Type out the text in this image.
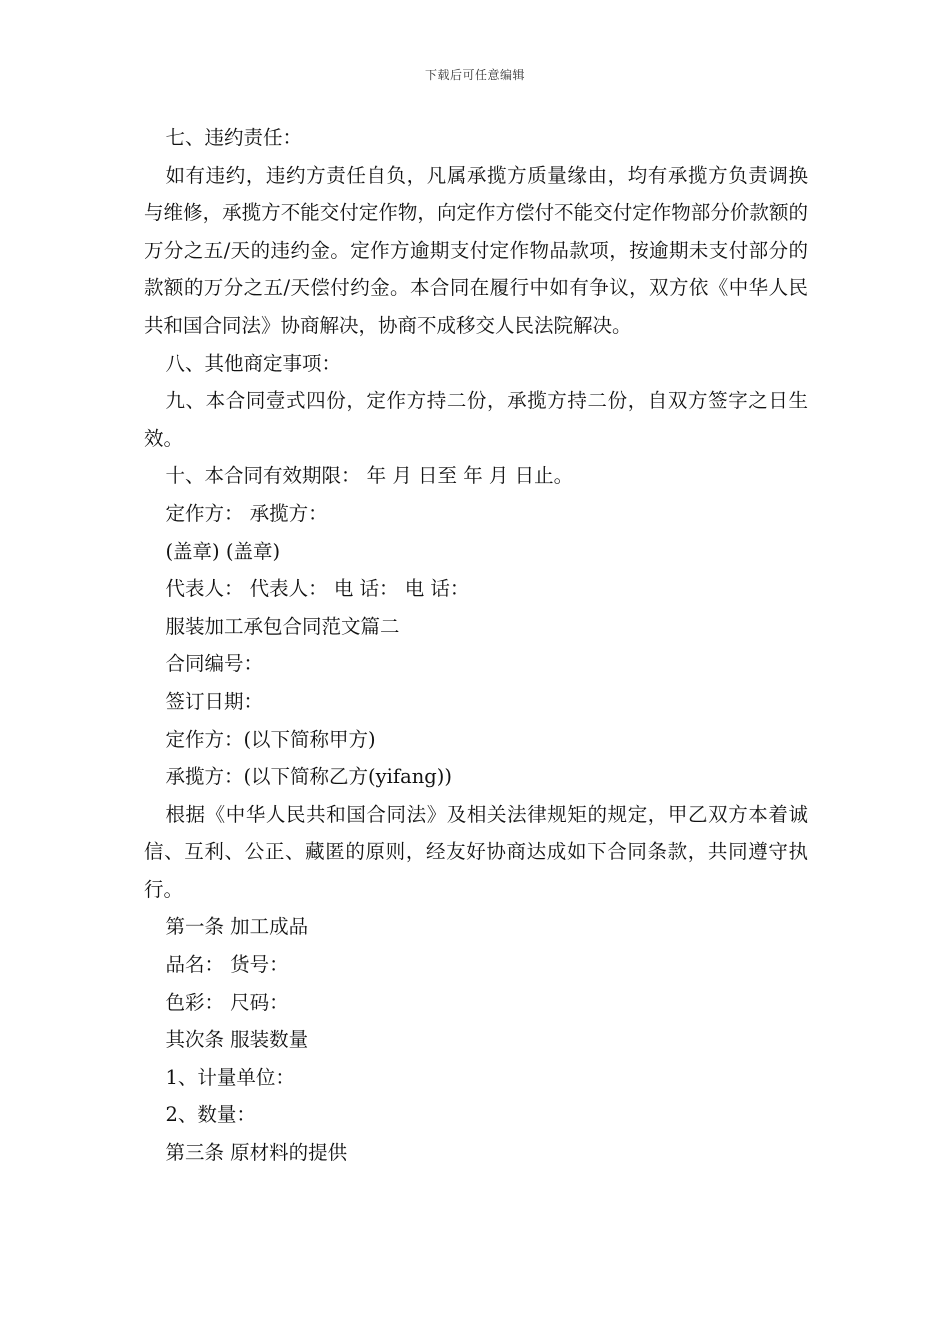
下载后可任意编辑

七、违约责任：

如有违约，违约方责任自负，凡属承揽方质量缘由，均有承揽方负责调换与维修，承揽方不能交付定作物，向定作方偿付不能交付定作物部分价款额的万分之五/天的违约金。定作方逾期支付定作物品款项，按逾期未支付部分的款额的万分之五/天偿付约金。本合同在履行中如有争议，双方依《中华人民共和国合同法》协商解决，协商不成移交人民法院解决。

八、其他商定事项：

九、本合同壹式四份，定作方持二份，承揽方持二份，自双方签字之日生效。

十、本合同有效期限： 年 月 日至 年 月 日止。

定作方： 承揽方：

(盖章) (盖章)

代表人： 代表人： 电 话： 电 话：

服装加工承包合同范文篇二

合同编号：

签订日期：

定作方：(以下简称甲方)

承揽方：(以下简称乙方(yifang))

根据《中华人民共和国合同法》及相关法律规矩的规定，甲乙双方本着诚信、互利、公正、藏匿的原则，经友好协商达成如下合同条款，共同遵守执行。

第一条 加工成品

品名： 货号：

色彩： 尺码：

其次条 服装数量

1、计量单位：

2、数量：

第三条 原材料的提供
